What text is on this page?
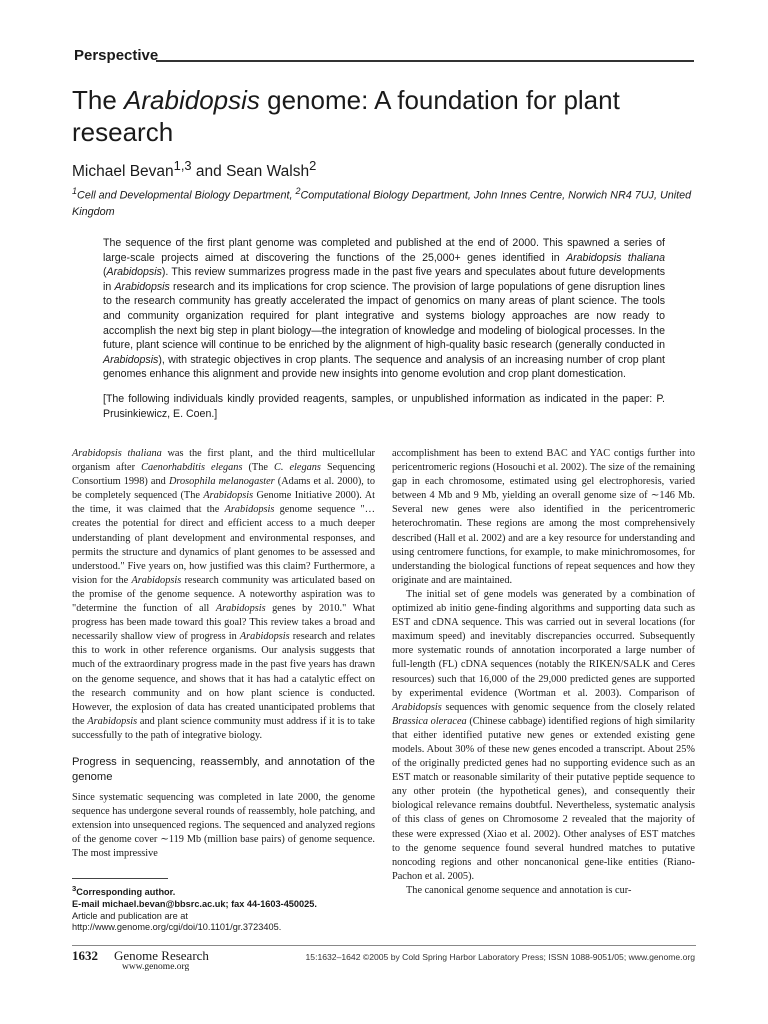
Perspective
The Arabidopsis genome: A foundation for plant research
Michael Bevan$^{1,3}$ and Sean Walsh$^2$
$^1$Cell and Developmental Biology Department, $^2$Computational Biology Department, John Innes Centre, Norwich NR4 7UJ, United Kingdom

The sequence of the first plant genome was completed and published at the end of 2000. This spawned a series of large-scale projects aimed at discovering the functions of the 25,000+ genes identified in Arabidopsis thaliana (Arabidopsis). This review summarizes progress made in the past five years and speculates about future developments in Arabidopsis research and its implications for crop science. The provision of large populations of gene disruption lines to the research community has greatly accelerated the impact of genomics on many areas of plant science. The tools and community organization required for plant integrative and systems biology approaches are now ready to accomplish the next big step in plant biology—the integration of knowledge and modeling of biological processes. In the future, plant science will continue to be enriched by the alignment of high-quality basic research (generally conducted in Arabidopsis), with strategic objectives in crop plants. The sequence and analysis of an increasing number of crop plant genomes enhance this alignment and provide new insights into genome evolution and crop plant domestication.

[The following individuals kindly provided reagents, samples, or unpublished information as indicated in the paper: P. Prusinkiewicz, E. Coen.]

Arabidopsis thaliana was the first plant, and the third multicellular organism after Caenorhabditis elegans (The C. elegans Sequencing Consortium 1998) and Drosophila melanogaster (Adams et al. 2000), to be completely sequenced (The Arabidopsis Genome Initiative 2000). At the time, it was claimed that the Arabidopsis genome sequence "… creates the potential for direct and efficient access to a much deeper understanding of plant development and environmental responses, and permits the structure and dynamics of plant genomes to be assessed and understood." Five years on, how justified was this claim? Furthermore, a vision for the Arabidopsis research community was articulated based on the promise of the genome sequence. A noteworthy aspiration was to "determine the function of all Arabidopsis genes by 2010." What progress has been made toward this goal? This review takes a broad and necessarily shallow view of progress in Arabidopsis research and relates this to work in other reference organisms. Our analysis suggests that much of the extraordinary progress made in the past five years has drawn on the genome sequence, and shows that it has had a catalytic effect on the research community and on how plant science is conducted. However, the explosion of data has created unanticipated problems that the Arabidopsis and plant science community must address if it is to take successfully to the path of integrative biology.

Progress in sequencing, reassembly, and annotation of the genome

Since systematic sequencing was completed in late 2000, the genome sequence has undergone several rounds of reassembly, hole patching, and extension into unsequenced regions. The sequenced and analyzed regions of the genome cover ∼119 Mb (million base pairs) of genome sequence. The most impressive

accomplishment has been to extend BAC and YAC contigs further into pericentromeric regions (Hosouchi et al. 2002). The size of the remaining gap in each chromosome, estimated using gel electrophoresis, varied between 4 Mb and 9 Mb, yielding an overall genome size of ∼146 Mb. Several new genes were also identified in the pericentromeric heterochromatin. These regions are among the most comprehensively described (Hall et al. 2002) and are a key resource for understanding and using centromere functions, for example, to make minichromosomes, for understanding the biological functions of repeat sequences and how they originate and are maintained.

The initial set of gene models was generated by a combination of optimized ab initio gene-finding algorithms and supporting data such as EST and cDNA sequence. This was carried out in several locations (for maximum speed) and inevitably discrepancies occurred. Subsequently more systematic rounds of annotation incorporated a large number of full-length (FL) cDNA sequences (notably the RIKEN/SALK and Ceres resources) such that 16,000 of the 29,000 predicted genes are supported by experimental evidence (Wortman et al. 2003). Comparison of Arabidopsis sequences with genomic sequence from the closely related Brassica oleracea (Chinese cabbage) identified regions of high similarity that either identified putative new genes or extended existing gene models. About 30% of these new genes encoded a transcript. About 25% of the originally predicted genes had no supporting evidence such as an EST match or reasonable similarity of their putative peptide sequence to any other protein (the hypothetical genes), and consequently their biological relevance remains doubtful. Nevertheless, systematic analysis of this class of genes on Chromosome 2 revealed that the majority of these were expressed (Xiao et al. 2002). Other analyses of EST matches to the genome sequence found several hundred matches to putative noncoding regions and other noncanonical gene-like entities (Riano-Pachon et al. 2005).

The canonical genome sequence and annotation is cur-

$^3$Corresponding author.

E-mail michael.bevan@bbsrc.ac.uk; fax 44-1603-450025.

Article and publication are at http://www.genome.org/cgi/doi/10.1101/gr.3723405.

1632 Genome Research
www.genome.org
15:1632–1642 ©2005 by Cold Spring Harbor Laboratory Press; ISSN 1088-9051/05; www.genome.org
